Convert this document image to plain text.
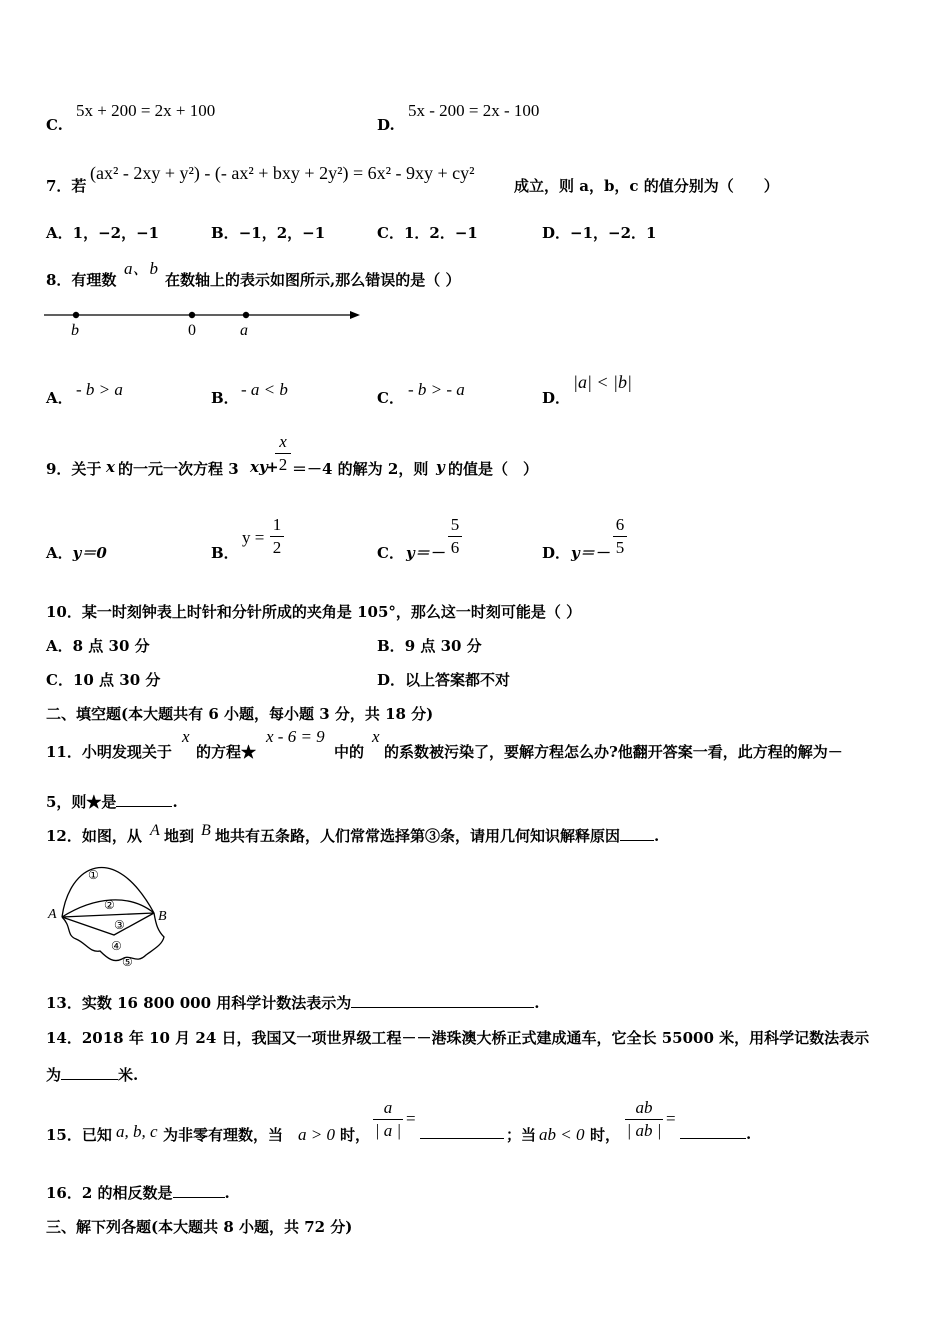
C.
5x + 200 = 2x + 100
D.
5x - 200 = 2x - 100
7．若
(ax² - 2xy + y²) - (- ax² + bxy + 2y²) = 6x² - 9xy + cy²
成立，则 a，b，c 的值分别为（　　）
A．1，−2，−1	B．−1，2，−1	C．1．2．−1	D．−1，−2．1
8．有理数
a、b
在数轴上的表示如图所示,那么错误的是（ ）
b	0	a
A． - b > a	B． - a < b	C． - b > - a	D．
|a| < |b|
9．关于 x 的一元一次方程 3 xy
+
x
2 ＝－4 的解为 2，则 y 的值是（　）
A．y＝0	B．
y =
1
2	C． y＝－
5
6	D． y＝－
6
5
10．某一时刻钟表上时针和分针所成的夹角是 105°，那么这一时刻可能是（ ）
A．8 点 30 分	B．9 点 30 分
C．10 点 30 分	D．以上答案都不对
二、填空题(本大题共有 6 小题，每小题 3 分，共 18 分)
11．小明发现关于
x
的方程★
x - 6 = 9
中的
x
的系数被污染了，要解方程怎么办?他翻开答案一看，此方程的解为－
5，则★是	.
12．如图，从 A 地到 B 地共有五条路，人们常常选择第③条，请用几何知识解释原因 .
①
②
③
④
⑤
A	B
13．实数 16 800 000 用科学计数法表示为	.
14．2018 年 10 月 24 日，我国又一项世界级工程－－港珠澳大桥正式建成通车，它全长 55000 米，用科学记数法表示
为	米.
15．已知 a, b, c 为非零有理数，当 a > 0 时，
a
| a |
=
；当 ab < 0 时，
ab
| ab |
=
.
16．2 的相反数是	.
三、解下列各题(本大题共 8 小题，共 72 分)
